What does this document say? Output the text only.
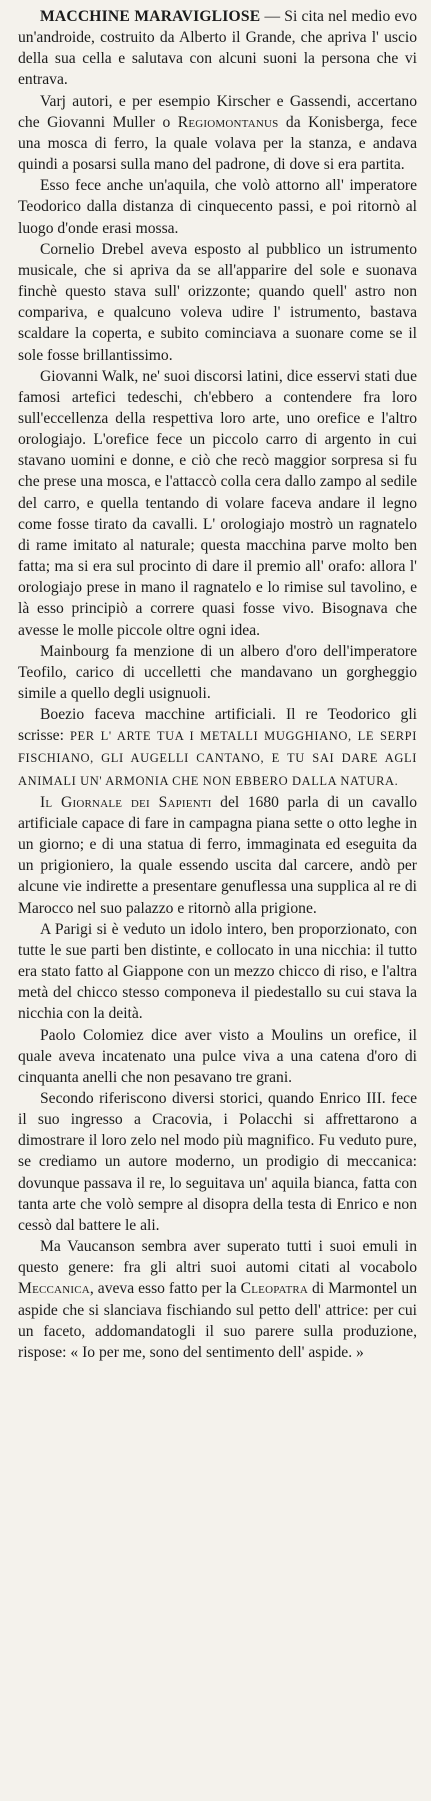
MACCHINE MARAVIGLIOSE — Si cita nel medio evo un'androide, costruito da Alberto il Grande, che apriva l' uscio della sua cella e salutava con alcuni suoni la persona che vi entrava.

Varj autori, e per esempio Kirscher e Gassendi, accertano che Giovanni Muller o Regiomontanus da Konisberga, fece una mosca di ferro, la quale volava per la stanza, e andava quindi a posarsi sulla mano del padrone, di dove si era partita.

Esso fece anche un'aquila, che volò attorno all' imperatore Teodorico dalla distanza di cinquecento passi, e poi ritornò al luogo d'onde erasi mossa.

Cornelio Drebel aveva esposto al pubblico un istrumento musicale, che si apriva da se all'apparire del sole e suonava finchè questo stava sull' orizzonte; quando quell' astro non compariva, e qualcuno voleva udire l' istrumento, bastava scaldare la coperta, e subito cominciava a suonare come se il sole fosse brillantissimo.

Giovanni Walk, ne' suoi discorsi latini, dice esservi stati due famosi artefici tedeschi, ch'ebbero a contendere fra loro sull'eccellenza della respettiva loro arte, uno orefice e l'altro orologiajo. L'orefice fece un piccolo carro di argento in cui stavano uomini e donne, e ciò che recò maggior sorpresa si fu che prese una mosca, e l'attaccò colla cera dallo zampo al sedile del carro, e quella tentando di volare faceva andare il legno come fosse tirato da cavalli. L' orologiajo mostrò un ragnatelo di rame imitato al naturale; questa macchina parve molto ben fatta; ma si era sul procinto di dare il premio all' orafo: allora l' orologiajo prese in mano il ragnatelo e lo rimise sul tavolino, e là esso principiò a correre quasi fosse vivo. Bisognava che avesse le molle piccole oltre ogni idea.

Mainbourg fa menzione di un albero d'oro dell'imperatore Teofilo, carico di uccelletti che mandavano un gorgheggio simile a quello degli usignuoli.

Boezio faceva macchine artificiali. Il re Teodorico gli scrisse: PER L' ARTE TUA I METALLI MUGGHIANO, LE SERPI FISCHIANO, GLI AUGELLI CANTANO, E TU SAI DARE AGLI ANIMALI UN' ARMONIA CHE NON EBBERO DALLA NATURA.

Il Giornale dei Sapienti del 1680 parla di un cavallo artificiale capace di fare in campagna piana sette o otto leghe in un giorno; e di una statua di ferro, immaginata ed eseguita da un prigioniero, la quale essendo uscita dal carcere, andò per alcune vie indirette a presentare genuflessa una supplica al re di Marocco nel suo palazzo e ritornò alla prigione.

A Parigi si è veduto un idolo intero, ben proporzionato, con tutte le sue parti ben distinte, e collocato in una nicchia: il tutto era stato fatto al Giappone con un mezzo chicco di riso, e l'altra metà del chicco stesso componeva il piedestallo su cui stava la nicchia con la deità.

Paolo Colomiez dice aver visto a Moulins un orefice, il quale aveva incatenato una pulce viva a una catena d'oro di cinquanta anelli che non pesavano tre grani.

Secondo riferiscono diversi storici, quando Enrico III. fece il suo ingresso a Cracovia, i Polacchi si affrettarono a dimostrare il loro zelo nel modo più magnifico. Fu veduto pure, se crediamo un autore moderno, un prodigio di meccanica: dovunque passava il re, lo seguitava un' aquila bianca, fatta con tanta arte che volò sempre al disopra della testa di Enrico e non cessò dal battere le ali.

Ma Vaucanson sembra aver superato tutti i suoi emuli in questo genere: fra gli altri suoi automi citati al vocabolo Meccanica, aveva esso fatto per la Cleopatra di Marmontel un aspide che si slanciava fischiando sul petto dell' attrice: per cui un faceto, addomandatogli il suo parere sulla produzione, rispose: « Io per me, sono del sentimento dell' aspide. »
